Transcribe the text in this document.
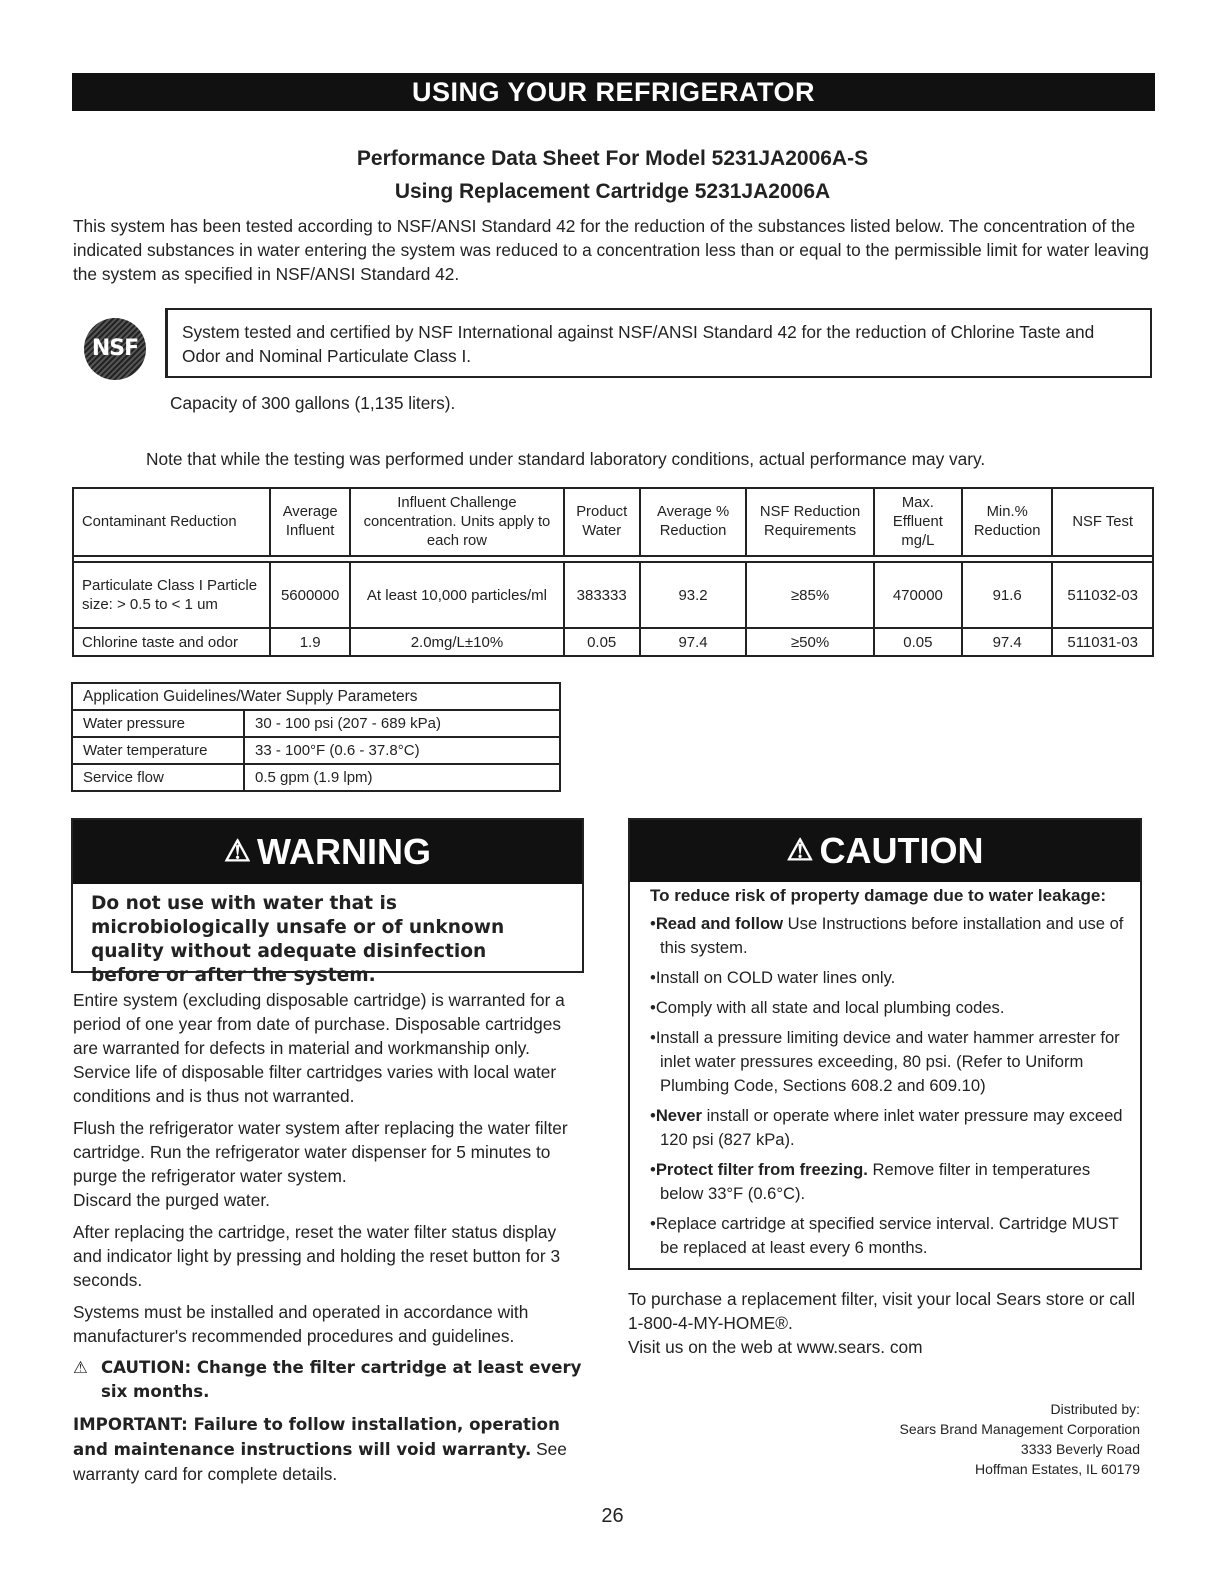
USING YOUR REFRIGERATOR
Performance Data Sheet For Model 5231JA2006A-S
Using Replacement Cartridge 5231JA2006A
This system has been tested according to NSF/ANSI Standard 42 for the reduction of the substances listed below. The concentration of the indicated substances in water entering the system was reduced to a concentration less than or equal to the permissible limit for water leaving the system as specified in NSF/ANSI Standard 42.
NSF
System tested and certified by NSF International against NSF/ANSI Standard 42 for the reduction of Chlorine Taste and Odor and Nominal Particulate Class I.
Capacity of 300 gallons (1,135 liters).
Note that while the testing was performed under standard laboratory conditions, actual performance may vary.
Contaminant Reduction	Average Influent	Influent Challenge concentration. Units apply to each row	Product Water	Average % Reduction	NSF Reduction Requirements	Max. Effluent mg/L	Min.% Reduction	NSF Test

Particulate Class I Particle size: > 0.5 to < 1 um	5600000	At least 10,000 particles/ml	383333	93.2	≥85%	470000	91.6	511032-03
Chlorine taste and odor	1.9	2.0mg/L±10%	0.05	97.4	≥50%	0.05	97.4	511031-03
Application Guidelines/Water Supply Parameters	
Water pressure	30 - 100 psi (207 - 689 kPa)
Water temperature	33 - 100°F (0.6 - 37.8°C)
Service flow	0.5 gpm (1.9 lpm)
⚠ WARNING
Do not use with water that is microbiologically unsafe or of unknown quality without adequate disinfection before or after the system.
⚠ CAUTION

To reduce risk of property damage due to water leakage:

•Read and follow Use Instructions before installation and use of this system.

•Install on COLD water lines only.

•Comply with all state and local plumbing codes.

•Install a pressure limiting device and water hammer arrester for inlet water pressures exceeding, 80 psi. (Refer to Uniform Plumbing Code, Sections 608.2 and 609.10)

•Never install or operate where inlet water pressure may exceed 120 psi (827 kPa).

•Protect filter from freezing. Remove filter in temperatures below 33°F (0.6°C).

•Replace cartridge at specified service interval. Cartridge MUST be replaced at least every 6 months.

Entire system (excluding disposable cartridge) is warranted for a period of one year from date of purchase. Disposable cartridges are warranted for defects in material and workmanship only. Service life of disposable filter cartridges varies with local water conditions and is thus not warranted.

Flush the refrigerator water system after replacing the water filter cartridge. Run the refrigerator water dispenser for 5 minutes to purge the refrigerator water system.

Discard the purged water.

After replacing the cartridge, reset the water filter status display and indicator light by pressing and holding the reset button for 3 seconds.

Systems must be installed and operated in accordance with manufacturer's recommended procedures and guidelines.

⚠ CAUTION: Change the filter cartridge at least every six months.

IMPORTANT: Failure to follow installation, operation and maintenance instructions will void warranty. See warranty card for complete details.

To purchase a replacement filter, visit your local Sears store or call 1-800-4-MY-HOME®.
Visit us on the web at www.sears. com
Distributed by:
Sears Brand Management Corporation
3333 Beverly Road
Hoffman Estates, IL 60179
26
